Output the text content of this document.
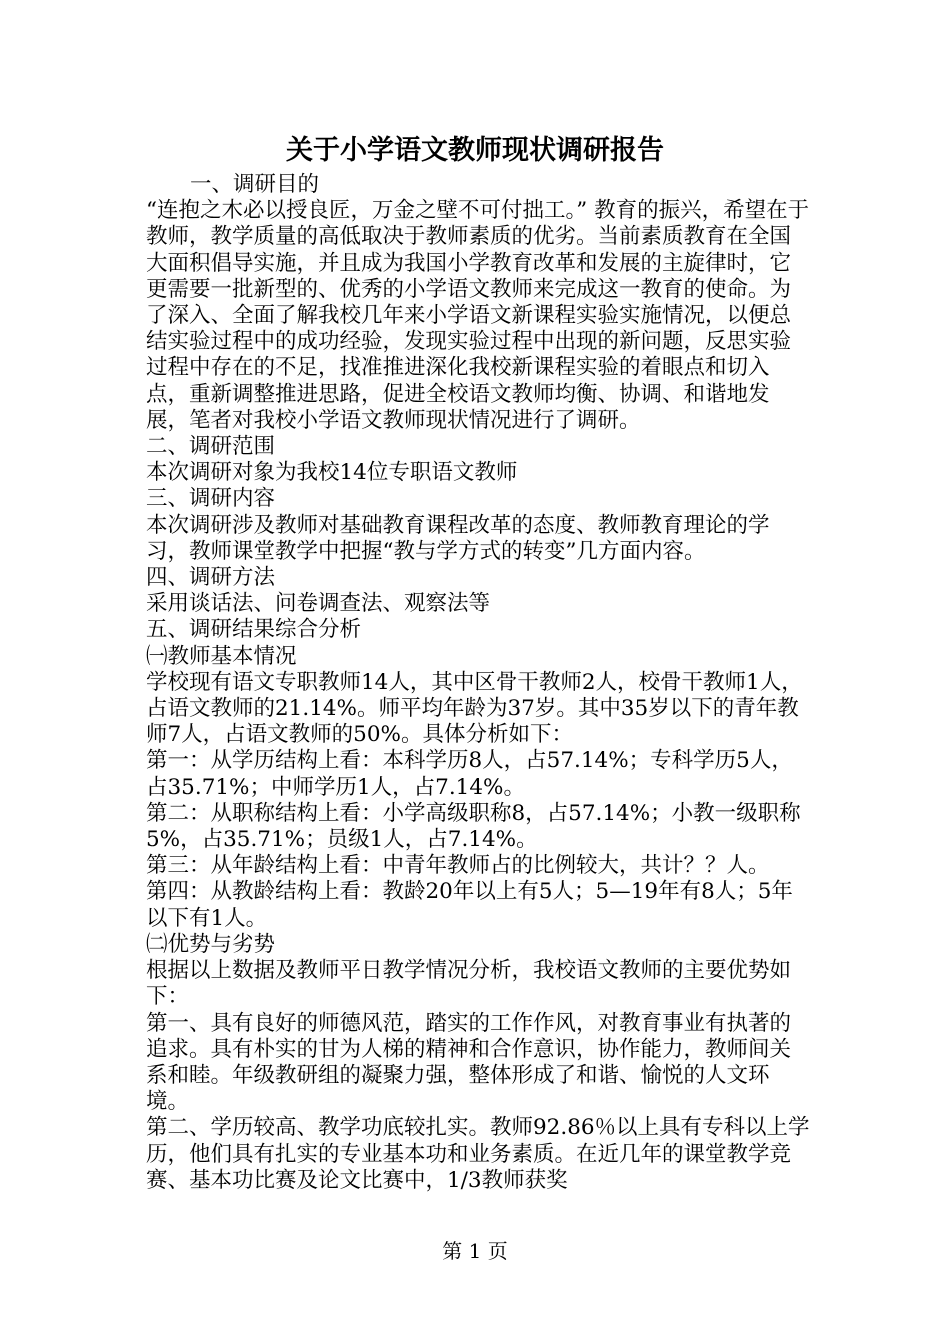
关于小学语文教师现状调研报告

一、调研目的

“连抱之木必以授良匠，万金之壁不可付拙工。” 教育的振兴，希望在于教师，教学质量的高低取决于教师素质的优劣。当前素质教育在全国大面积倡导实施，并且成为我国小学教育改革和发展的主旋律时，它更需要一批新型的、优秀的小学语文教师来完成这一教育的使命。为了深入、全面了解我校几年来小学语文新课程实验实施情况，以便总结实验过程中的成功经验，发现实验过程中出现的新问题，反思实验过程中存在的不足，找准推进深化我校新课程实验的着眼点和切入点，重新调整推进思路，促进全校语文教师均衡、协调、和谐地发展，笔者对我校小学语文教师现状情况进行了调研。

二、调研范围

本次调研对象为我校14位专职语文教师

三、调研内容

本次调研涉及教师对基础教育课程改革的态度、教师教育理论的学习，教师课堂教学中把握“教与学方式的转变”几方面内容。

四、调研方法

采用谈话法、问卷调查法、观察法等

五、调研结果综合分析

㈠教师基本情况

学校现有语文专职教师14人，其中区骨干教师2人，校骨干教师1人，占语文教师的21.14%。师平均年龄为37岁。其中35岁以下的青年教师7人，占语文教师的50%。具体分析如下：

第一：从学历结构上看：本科学历8人，占57.14%；专科学历5人，占35.71%；中师学历1人，占7.14%。

第二：从职称结构上看：小学高级职称8，占57.14%；小教一级职称5%，占35.71%；员级1人，占7.14%。

第三：从年龄结构上看：中青年教师占的比例较大，共计？？人。

第四：从教龄结构上看：教龄20年以上有5人；5—19年有8人；5年以下有1人。

㈡优势与劣势

根据以上数据及教师平日教学情况分析，我校语文教师的主要优势如下：

第一、具有良好的师德风范，踏实的工作作风，对教育事业有执著的追求。具有朴实的甘为人梯的精神和合作意识，协作能力，教师间关系和睦。年级教研组的凝聚力强，整体形成了和谐、愉悦的人文环境。

第二、学历较高、教学功底较扎实。教师92.86％以上具有专科以上学历，他们具有扎实的专业基本功和业务素质。在近几年的课堂教学竞赛、基本功比赛及论文比赛中，1/3教师获奖

第 1 页
